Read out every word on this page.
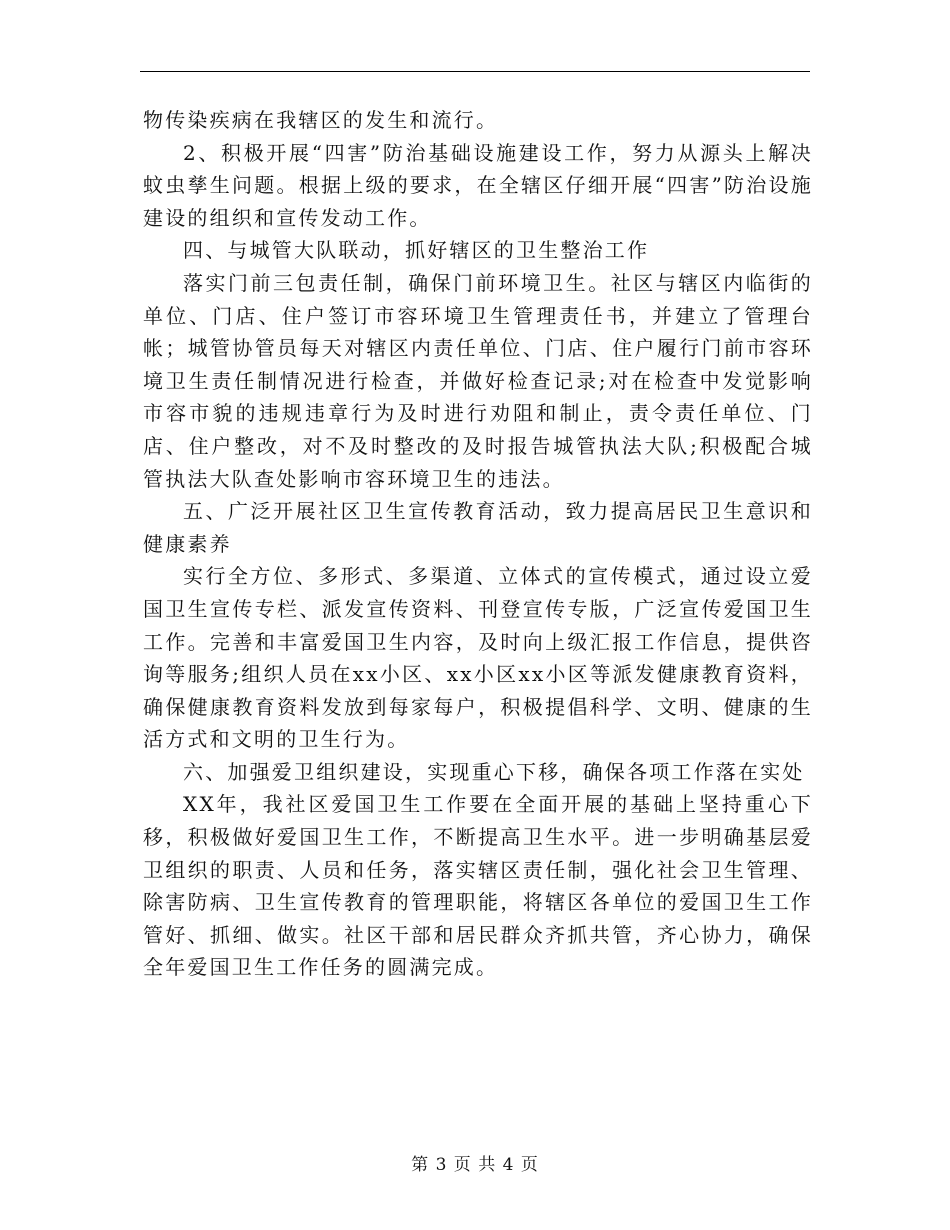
物传染疾病在我辖区的发生和流行。

2、积极开展“四害”防治基础设施建设工作，努力从源头上解决蚊虫孳生问题。根据上级的要求，在全辖区仔细开展“四害”防治设施建设的组织和宣传发动工作。

四、与城管大队联动，抓好辖区的卫生整治工作

落实门前三包责任制，确保门前环境卫生。社区与辖区内临街的单位、门店、住户签订市容环境卫生管理责任书，并建立了管理台帐；城管协管员每天对辖区内责任单位、门店、住户履行门前市容环境卫生责任制情况进行检查，并做好检查记录;对在检查中发觉影响市容市貌的违规违章行为及时进行劝阻和制止，责令责任单位、门店、住户整改，对不及时整改的及时报告城管执法大队;积极配合城管执法大队查处影响市容环境卫生的违法。

五、广泛开展社区卫生宣传教育活动，致力提高居民卫生意识和健康素养

实行全方位、多形式、多渠道、立体式的宣传模式，通过设立爱国卫生宣传专栏、派发宣传资料、刊登宣传专版，广泛宣传爱国卫生工作。完善和丰富爱国卫生内容，及时向上级汇报工作信息，提供咨询等服务;组织人员在xx小区、xx小区xx小区等派发健康教育资料，确保健康教育资料发放到每家每户，积极提倡科学、文明、健康的生活方式和文明的卫生行为。

六、加强爱卫组织建设，实现重心下移，确保各项工作落在实处

XX年，我社区爱国卫生工作要在全面开展的基础上坚持重心下移，积极做好爱国卫生工作，不断提高卫生水平。进一步明确基层爱卫组织的职责、人员和任务，落实辖区责任制，强化社会卫生管理、除害防病、卫生宣传教育的管理职能，将辖区各单位的爱国卫生工作管好、抓细、做实。社区干部和居民群众齐抓共管，齐心协力，确保全年爱国卫生工作任务的圆满完成。

第 3 页 共 4 页
